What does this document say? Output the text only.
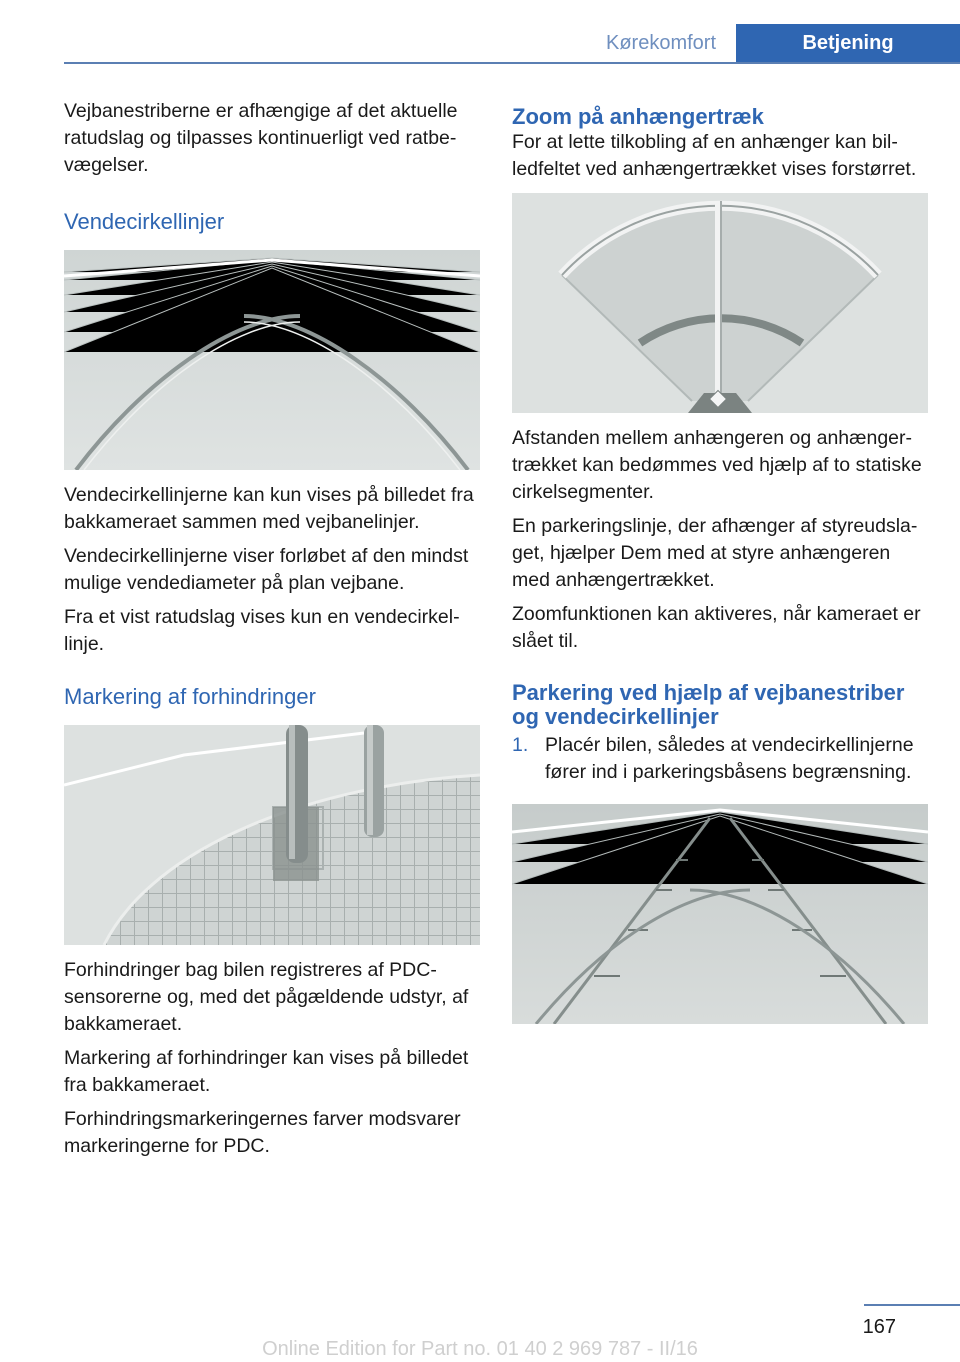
Kørekomfort	Betjening

Vejbanestriberne er afhængige af det aktuelle ratudslag og tilpasses kontinuerligt ved ratbevægelser.

Vendecirkellinjer

Vendecirkellinjerne kan kun vises på billedet fra bakkameraet sammen med vejbanelinjer.

Vendecirkellinjerne viser forløbet af den mindst mulige vendediameter på plan vejbane.

Fra et vist ratudslag vises kun en vendecirkellinje.

Markering af forhindringer

Forhindringer bag bilen registreres af PDC-sensorerne og, med det pågældende udstyr, af bakkameraet.

Markering af forhindringer kan vises på billedet fra bakkameraet.

Forhindringsmarkeringernes farver modsvarer markeringerne for PDC.

Zoom på anhængertræk

For at lette tilkobling af en anhænger kan billedfeltet ved anhængertrækket vises forstørret.

Afstanden mellem anhængeren og anhængertrækket kan bedømmes ved hjælp af to statiske cirkelsegmenter.

En parkeringslinje, der afhænger af styreudslaget, hjælper Dem med at styre anhængeren med anhængertrækket.

Zoomfunktionen kan aktiveres, når kameraet er slået til.

Parkering ved hjælp af vejbanestriber og vendecirkellinjer
1. Placér bilen, således at vendecirkellinjerne fører ind i parkeringsbåsens begrænsning.
167
Online Edition for Part no. 01 40 2 969 787 - II/16
